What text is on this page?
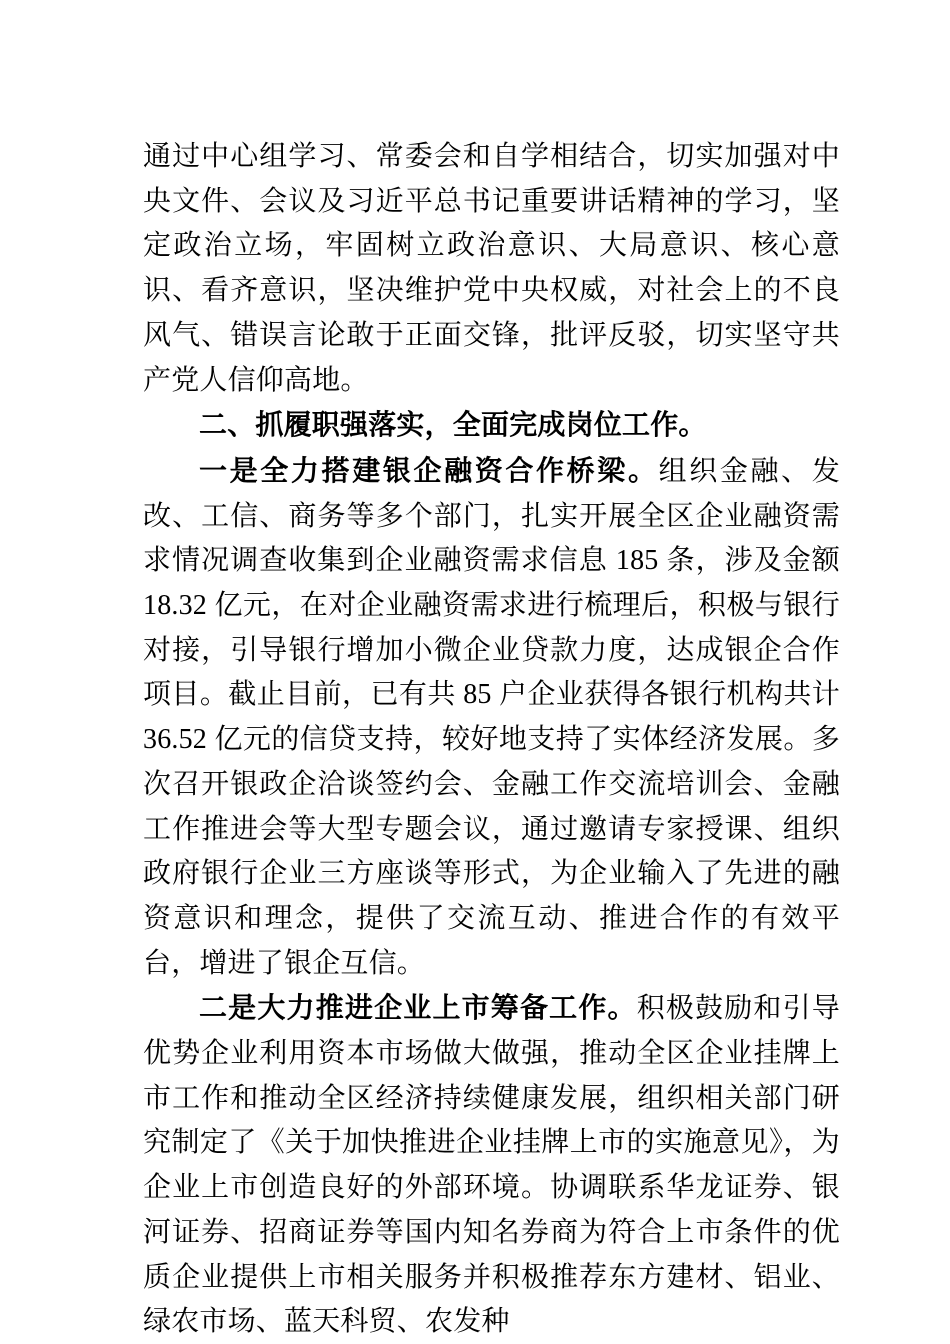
通过中心组学习、常委会和自学相结合，切实加强对中央文件、会议及习近平总书记重要讲话精神的学习，坚定政治立场，牢固树立政治意识、大局意识、核心意识、看齐意识，坚决维护党中央权威，对社会上的不良风气、错误言论敢于正面交锋，批评反驳，切实坚守共产党人信仰高地。

二、抓履职强落实，全面完成岗位工作。

一是全力搭建银企融资合作桥梁。组织金融、发改、工信、商务等多个部门，扎实开展全区企业融资需求情况调查收集到企业融资需求信息 185 条，涉及金额 18.32 亿元，在对企业融资需求进行梳理后，积极与银行对接，引导银行增加小微企业贷款力度，达成银企合作项目。截止目前，已有共 85 户企业获得各银行机构共计 36.52 亿元的信贷支持，较好地支持了实体经济发展。多次召开银政企洽谈签约会、金融工作交流培训会、金融工作推进会等大型专题会议，通过邀请专家授课、组织政府银行企业三方座谈等形式，为企业输入了先进的融资意识和理念，提供了交流互动、推进合作的有效平台，增进了银企互信。

二是大力推进企业上市筹备工作。积极鼓励和引导优势企业利用资本市场做大做强，推动全区企业挂牌上市工作和推动全区经济持续健康发展，组织相关部门研究制定了《关于加快推进企业挂牌上市的实施意见》，为企业上市创造良好的外部环境。协调联系华龙证券、银河证券、招商证券等国内知名券商为符合上市条件的优质企业提供上市相关服务并积极推荐东方建材、铝业、绿农市场、蓝天科贸、农发种
